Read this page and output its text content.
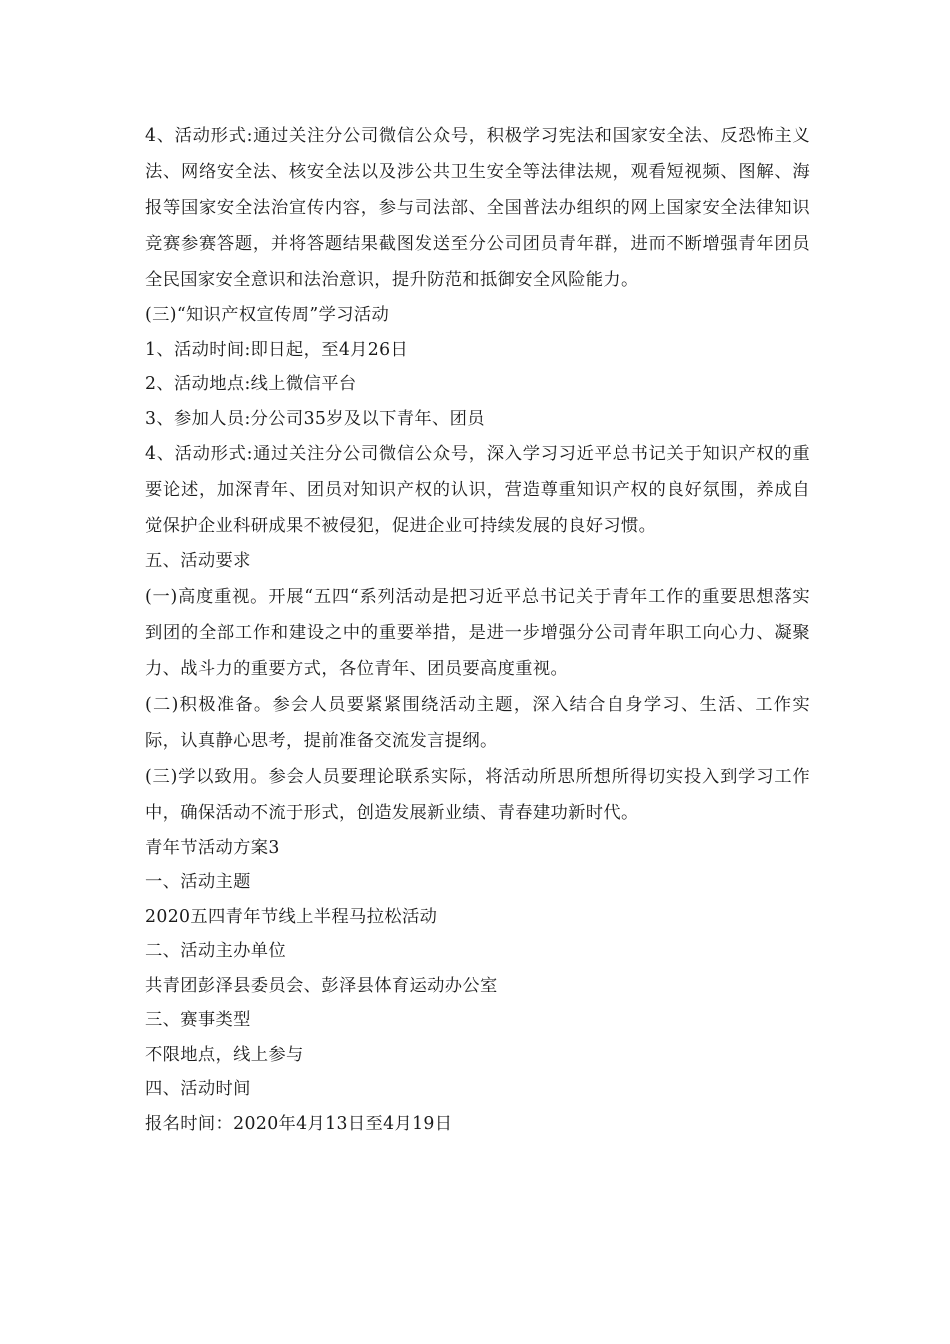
4、活动形式:通过关注分公司微信公众号，积极学习宪法和国家安全法、反恐怖主义法、网络安全法、核安全法以及涉公共卫生安全等法律法规，观看短视频、图解、海报等国家安全法治宣传内容，参与司法部、全国普法办组织的网上国家安全法律知识竞赛参赛答题，并将答题结果截图发送至分公司团员青年群，进而不断增强青年团员全民国家安全意识和法治意识，提升防范和抵御安全风险能力。

(三)“知识产权宣传周”学习活动

1、活动时间:即日起，至4月26日

2、活动地点:线上微信平台

3、参加人员:分公司35岁及以下青年、团员

4、活动形式:通过关注分公司微信公众号，深入学习习近平总书记关于知识产权的重要论述，加深青年、团员对知识产权的认识，营造尊重知识产权的良好氛围，养成自觉保护企业科研成果不被侵犯，促进企业可持续发展的良好习惯。

五、活动要求

(一)高度重视。开展“五四“系列活动是把习近平总书记关于青年工作的重要思想落实到团的全部工作和建设之中的重要举措，是进一步增强分公司青年职工向心力、凝聚力、战斗力的重要方式，各位青年、团员要高度重视。

(二)积极准备。参会人员要紧紧围绕活动主题，深入结合自身学习、生活、工作实际，认真静心思考，提前准备交流发言提纲。

(三)学以致用。参会人员要理论联系实际，将活动所思所想所得切实投入到学习工作中，确保活动不流于形式，创造发展新业绩、青春建功新时代。

青年节活动方案3

一、活动主题

2020五四青年节线上半程马拉松活动

二、活动主办单位

共青团彭泽县委员会、彭泽县体育运动办公室

三、赛事类型

不限地点，线上参与

四、活动时间

报名时间：2020年4月13日至4月19日
